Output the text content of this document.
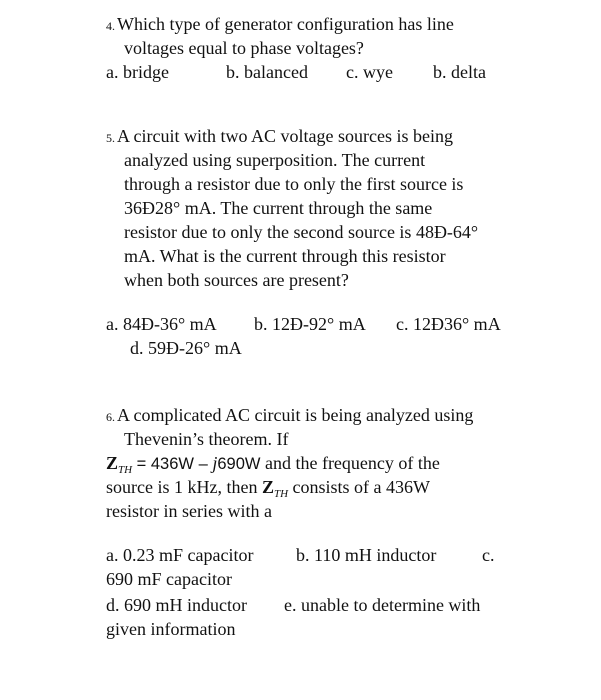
4. Which type of generator configuration has line
voltages equal to phase voltages?
a. bridge	b. balanced c. wye b. delta
5. A circuit with two AC voltage sources is being
analyzed using superposition. The current
through a resistor due to only the first source is
36Ð28° mA. The current through the same
resistor due to only the second source is 48Ð-64°
mA. What is the current through this resistor
when both sources are present?
a. 84Ð-36° mA b. 12Ð-92° mA c. 12Ð36° mA
d. 59Ð-26° mA
6. A complicated AC circuit is being analyzed using
Thevenin’s theorem. If
$Z_{TH} = 436W - j690W$ and the frequency of the
source is 1 kHz, then $Z_{TH}$ consists of a 436W
resistor in series with a
a. 0.23 mF capacitor b. 110 mH inductor	c.
690 mF capacitor
d. 690 mH inductor e. unable to determine with
given information
